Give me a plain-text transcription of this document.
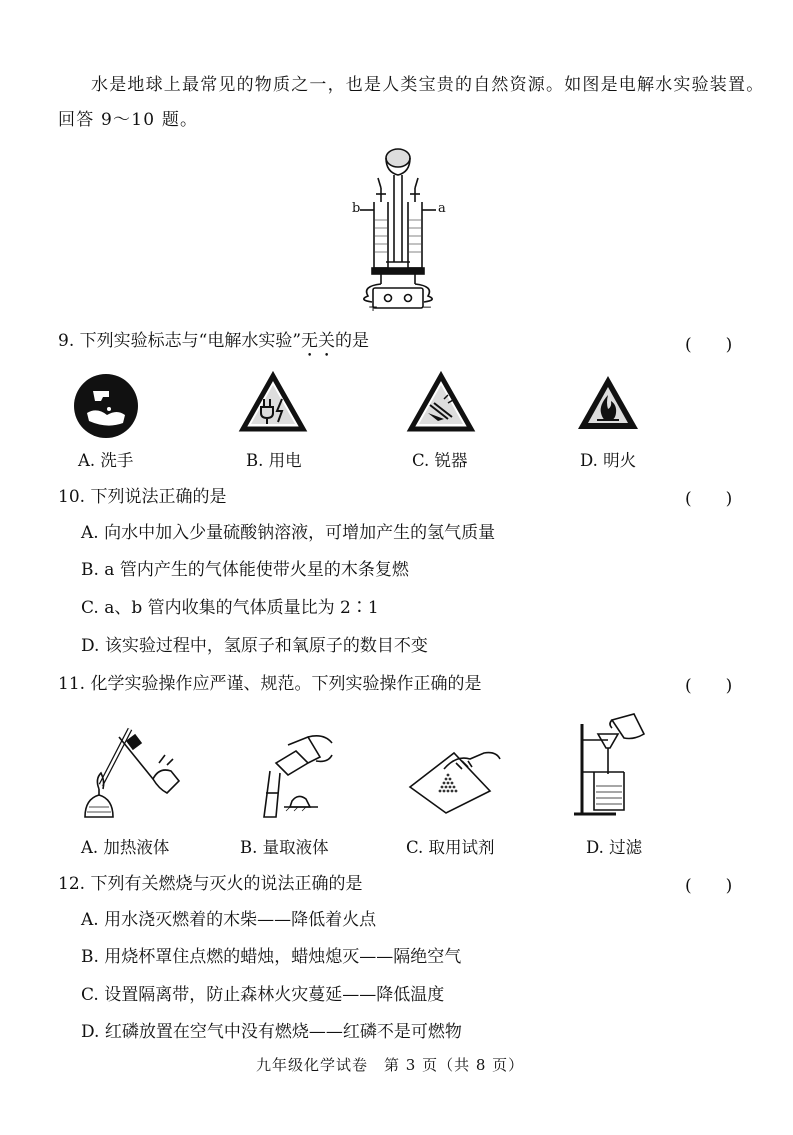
水是地球上最常见的物质之一，也是人类宝贵的自然资源。如图是电解水实验装置。
回答 9～10 题。
b	a
+	−
9. 下列实验标志与“电解水实验”无关的是	(　　)
A. 洗手	B. 用电	C. 锐器	D. 明火
10. 下列说法正确的是	(　　)
A. 向水中加入少量硫酸钠溶液，可增加产生的氢气质量
B. a 管内产生的气体能使带火星的木条复燃
C. a、b 管内收集的气体质量比为 2∶1
D. 该实验过程中，氢原子和氧原子的数目不变
11. 化学实验操作应严谨、规范。下列实验操作正确的是	(　　)
A. 加热液体	B. 量取液体	C. 取用试剂	D. 过滤
12. 下列有关燃烧与灭火的说法正确的是	(　　)
A. 用水浇灭燃着的木柴——降低着火点
B. 用烧杯罩住点燃的蜡烛，蜡烛熄灭——隔绝空气
C. 设置隔离带，防止森林火灾蔓延——降低温度
D. 红磷放置在空气中没有燃烧——红磷不是可燃物
九年级化学试卷　第 3 页（共 8 页）
